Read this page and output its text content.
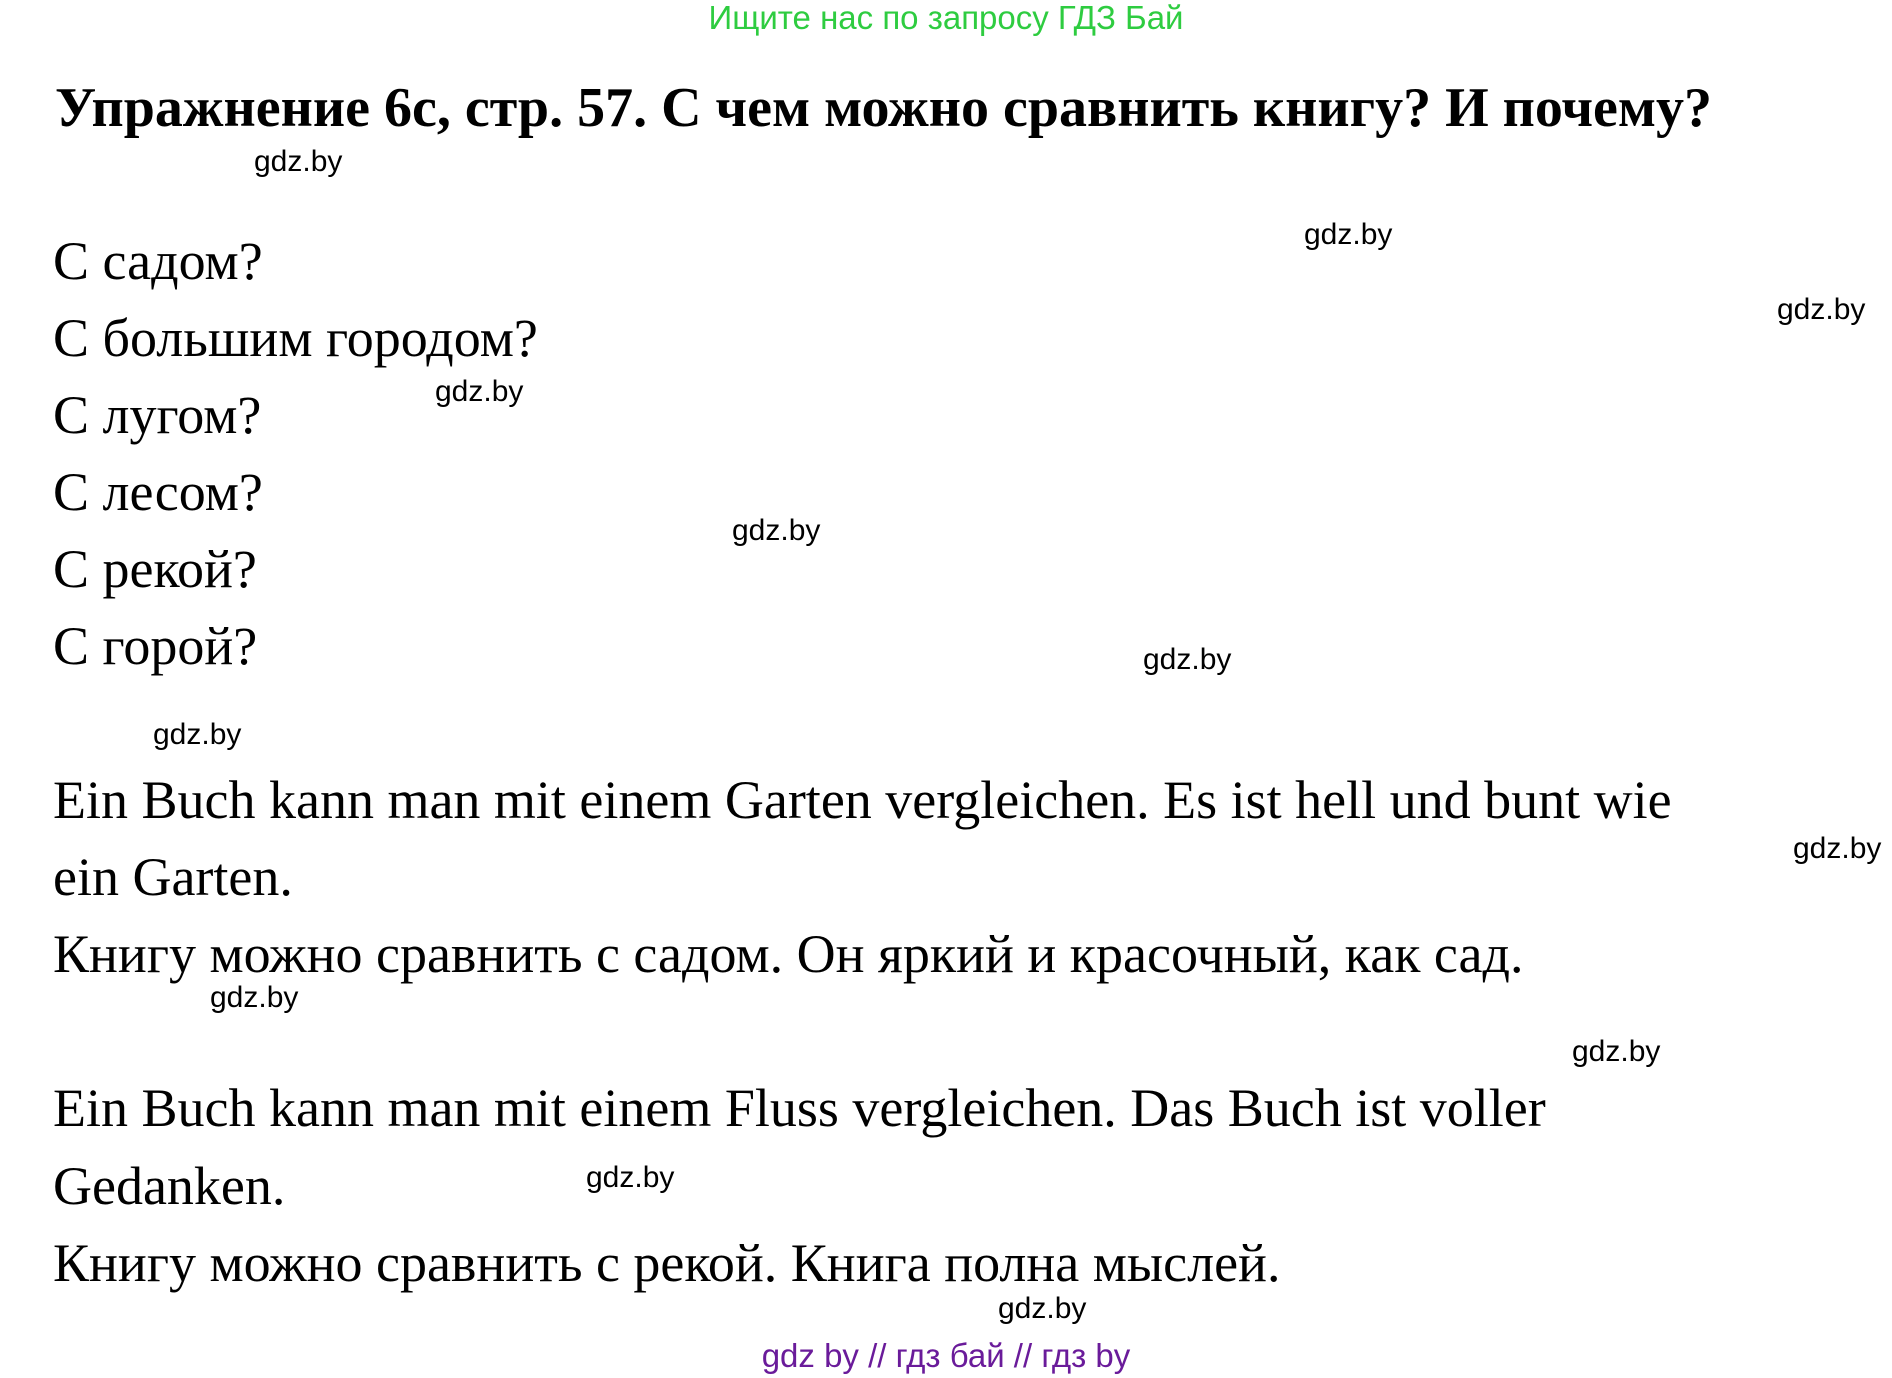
Ищите нас по запросу ГДЗ Бай
Упражнение 6c, стр. 57. С чем можно сравнить книгу? И почему?
gdz.by
gdz.by
gdz.by
gdz.by
gdz.by
gdz.by
gdz.by
gdz.by
gdz.by
gdz.by
gdz.by
gdz.by
С садом?
С большим городом?
С лугом?
С лесом?
С рекой?
С горой?
Ein Buch kann man mit einem Garten vergleichen. Es ist hell und bunt wie
ein Garten.
Книгу можно сравнить с садом. Он яркий и красочный, как сад.
Ein Buch kann man mit einem Fluss vergleichen. Das Buch ist voller
Gedanken.
Книгу можно сравнить с рекой. Книга полна мыслей.
gdz by // гдз бай // гдз by
